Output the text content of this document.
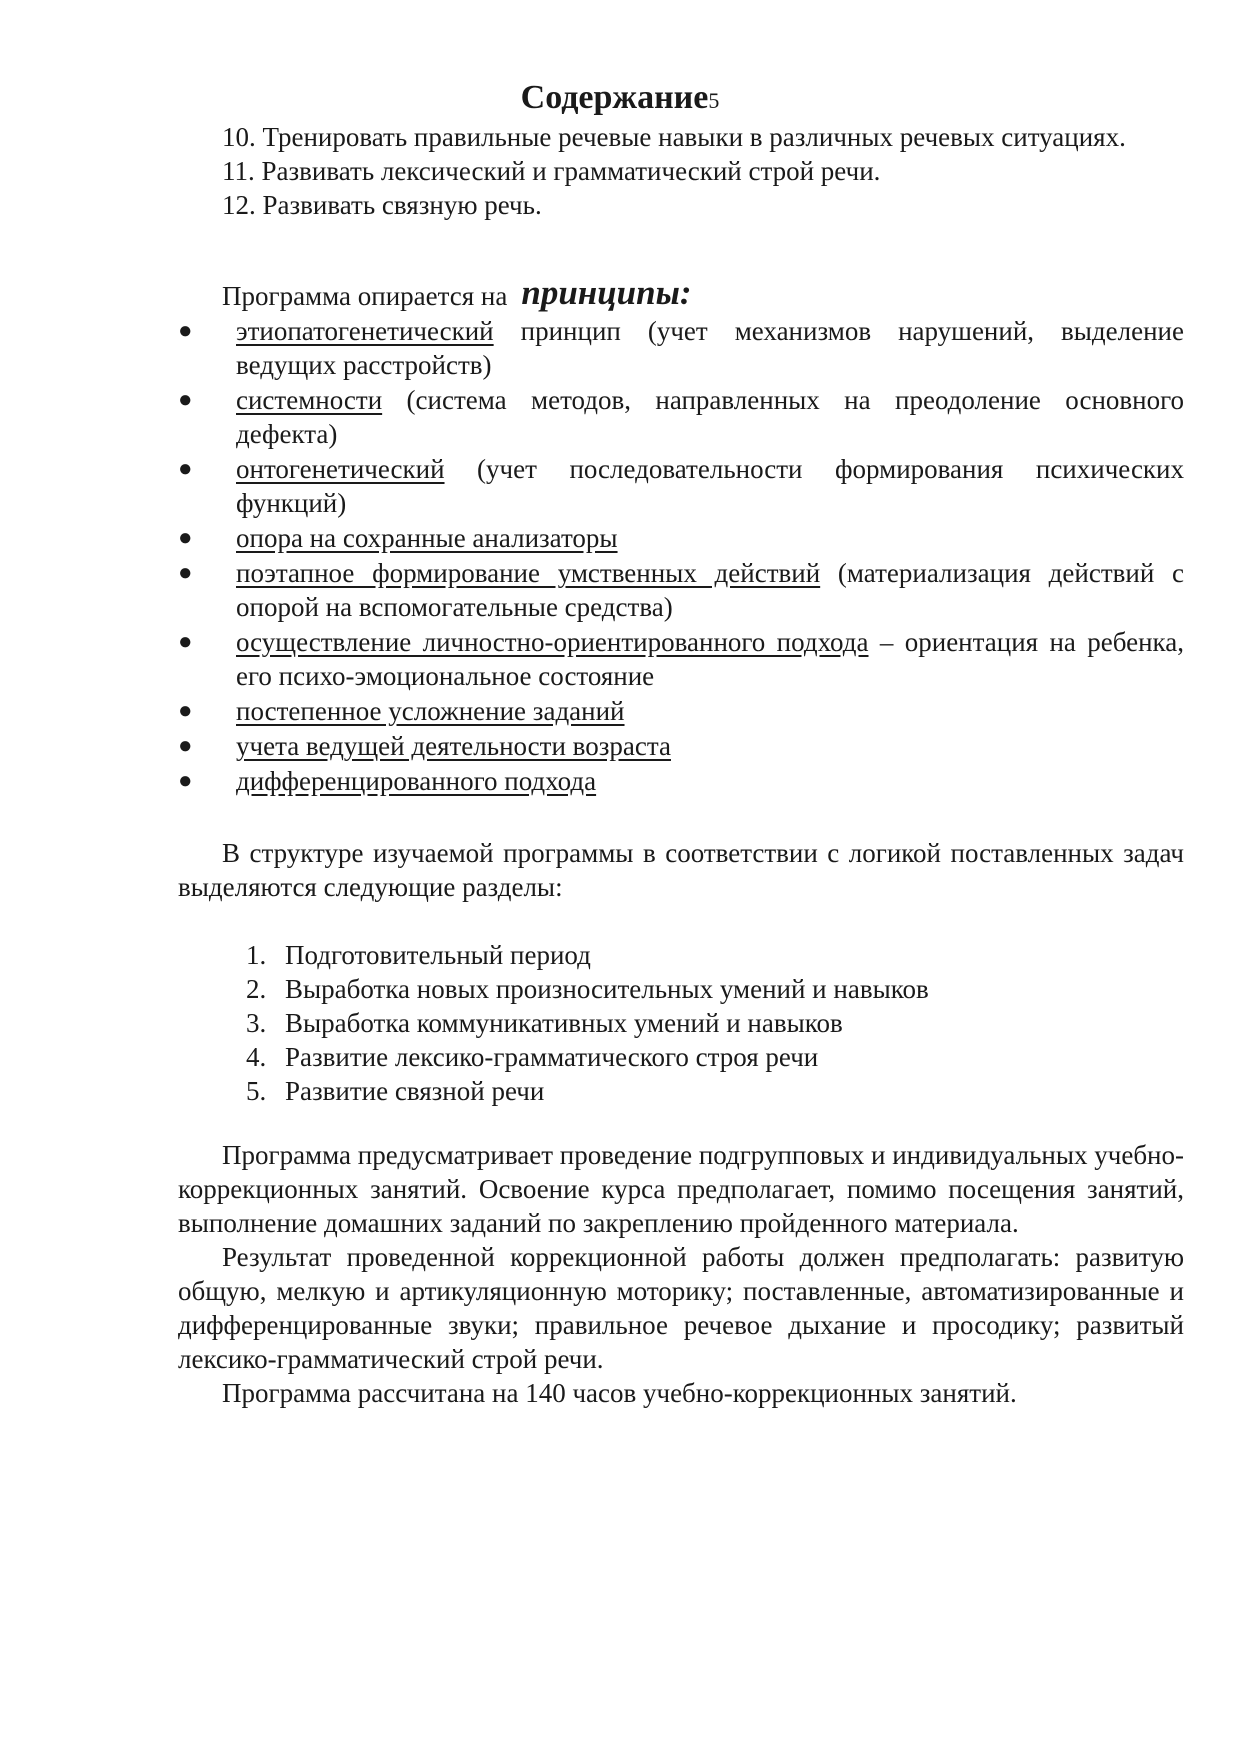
Содержание5

10. Тренировать правильные речевые навыки в различных речевых ситуациях.

11. Развивать лексический и грамматический строй речи.

12. Развивать связную речь.

Программа опирается на принципы:
● этиопатогенетический принцип (учет механизмов нарушений, выделение ведущих расстройств)
● системности (система методов, направленных на преодоление основного дефекта)
● онтогенетический (учет последовательности формирования психических функций)
● опора на сохранные анализаторы
● поэтапное формирование умственных действий (материализация действий с опорой на вспомогательные средства)
● осуществление личностно-ориентированного подхода – ориентация на ребенка, его психо-эмоциональное состояние
● постепенное усложнение заданий
● учета ведущей деятельности возраста
● дифференцированного подхода

В структуре изучаемой программы в соответствии с логикой поставленных задач выделяются следующие разделы:

1. Подготовительный период
2. Выработка новых произносительных умений и навыков
3. Выработка коммуникативных умений и навыков
4. Развитие лексико-грамматического строя речи
5. Развитие связной речи

Программа предусматривает проведение подгрупповых и индивидуальных учебно-коррекционных занятий. Освоение курса предполагает, помимо посещения занятий, выполнение домашних заданий по закреплению пройденного материала.

Результат проведенной коррекционной работы должен предполагать: развитую общую, мелкую и артикуляционную моторику; поставленные, автоматизированные и дифференцированные звуки; правильное речевое дыхание и просодику; развитый лексико-грамматический строй речи.

Программа рассчитана на 140 часов учебно-коррекционных занятий.
